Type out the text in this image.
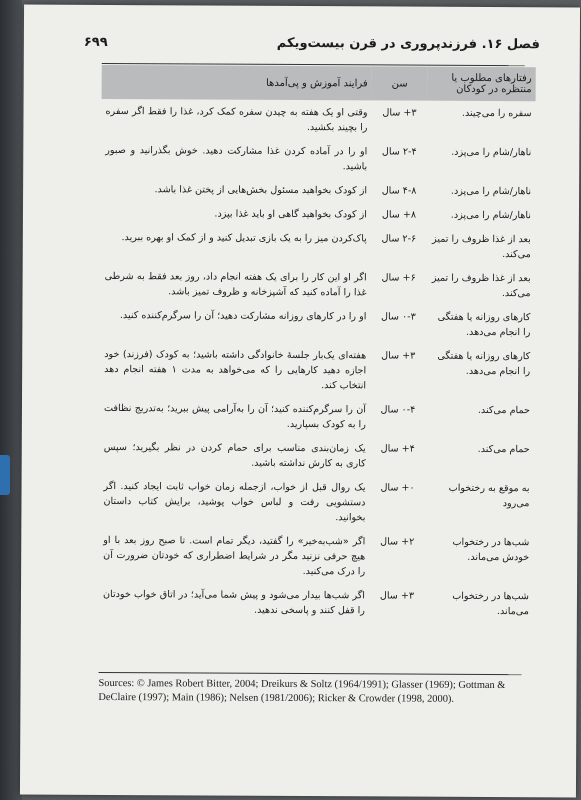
فصل ۱۶. فرزندپروری در قرن بیست‌ویکم
۶۹۹
رفتارهای مطلوب یا منتظره در کودکان	سن	فرایند آموزش و پی‌آمدها
سفره را می‌چیند.	۳+ سال	وقتی او یک هفته به چیدن سفره کمک کرد، غذا را فقط اگر سفره را بچیند بکشید.
ناهار/شام را می‌پزد.	۲-۴ سال	او را در آماده کردن غذا مشارکت دهید. خوش بگذرانید و صبور باشید.
ناهار/شام را می‌پزد.	۴-۸ سال	از کودک بخواهید مسئول بخش‌هایی از پختن غذا باشد.
ناهار/شام را می‌پزد.	۸+ سال	از کودک بخواهید گاهی او باید غذا بپزد.
بعد از غذا ظروف را تمیز می‌کند.	۲-۶ سال	پاک‌کردن میز را به یک بازی تبدیل کنید و از کمک او بهره ببرید.
بعد از غذا ظروف را تمیز می‌کند.	۶+ سال	اگر او این کار را برای یک هفته انجام داد، روز بعد فقط به شرطی غذا را آماده کنید که آشپزخانه و ظروف تمیز باشد.
کارهای روزانه یا هفتگی را انجام می‌دهد.	۰-۳ سال	او را در کارهای روزانه مشارکت دهید؛ آن را سرگرم‌کننده کنید.
کارهای روزانه یا هفتگی را انجام می‌دهد.	۳+ سال	هفته‌ای یک‌بار جلسهٔ خانوادگی داشته باشید؛ به کودک (فرزند) خود اجازه دهید کارهایی را که می‌خواهد به مدت ۱ هفته انجام دهد انتخاب کند.
حمام می‌کند.	۰-۴ سال	آن را سرگرم‌کننده کنید؛ آن را به‌آرامی پیش ببرید؛ به‌تدریج نظافت را به کودک بسپارید.
حمام می‌کند.	۴+ سال	یک زمان‌بندی مناسب برای حمام کردن در نظر بگیرید؛ سپس کاری به کارش نداشته باشید.
به موقع به رختخواب می‌رود	۰+ سال	یک روال قبل از خواب، ازجمله زمان خواب ثابت ایجاد کنید. اگر دستشویی رفت و لباس خواب پوشید، برایش کتاب داستان بخوانید.
شب‌ها در رختخواب خودش می‌ماند.	۲+ سال	اگر «شب‌به‌خیر» را گفتید، دیگر تمام است. تا صبح روز بعد با او هیچ حرفی نزنید مگر در شرایط اضطراری که خودتان ضرورت آن را درک می‌کنید.
شب‌ها در رختخواب می‌ماند.	۳+ سال	اگر شب‌ها بیدار می‌شود و پیش شما می‌آید؛ در اتاق خواب خودتان را قفل کنند و پاسخی ندهید.
Sources: © James Robert Bitter, 2004; Dreikurs & Soltz (1964/1991); Glasser (1969); Gottman & DeClaire (1997); Main (1986); Nelsen (1981/2006); Ricker & Crowder (1998, 2000).
